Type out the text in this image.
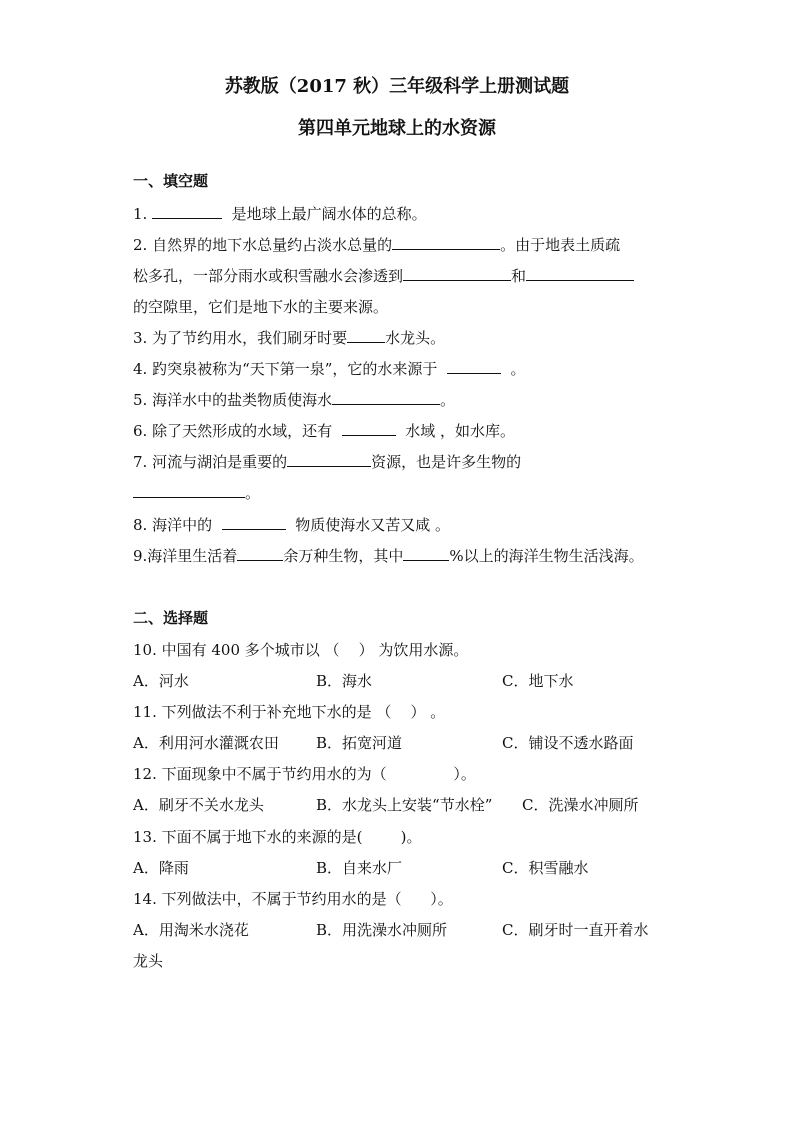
苏教版（2017 秋）三年级科学上册测试题
第四单元地球上的水资源
一、填空题
1.	是地球上最广阔水体的总称。
2. 自然界的地下水总量约占淡水总量的	。由于地表土质疏
松多孔，一部分雨水或积雪融水会渗透到	和
的空隙里，它们是地下水的主要来源。
3. 为了节约用水，我们刷牙时要	水龙头。
4. 趵突泉被称为“天下第一泉”，它的水来源于	。
5. 海洋水中的盐类物质使海水	。
6. 除了天然形成的水域，还有	水域 ，如水库。
7. 河流与湖泊是重要的	资源，也是许多生物的
。
8. 海洋中的	物质使海水又苦又咸 。
9.海洋里生活着	余万种生物，其中	%以上的海洋生物生活浅海。
二、选择题
10. 中国有 400 多个城市以 （    ） 为饮用水源。
A．河水	B．海水	C．地下水
11. 下列做法不利于补充地下水的是 （    ） 。
A．利用河水灌溉农田 B．拓宽河道	C．铺设不透水路面
12. 下面现象中不属于节约用水的为（              ）。
A．刷牙不关水龙头	B．水龙头上安装“节水栓” C．洗澡水冲厕所
13. 下面不属于地下水的来源的是(        )。
A．降雨	B．自来水厂	C．积雪融水
14. 下列做法中，不属于节约用水的是（      ）。
A．用淘米水浇花	B．用洗澡水冲厕所	C．刷牙时一直开着水
龙头
